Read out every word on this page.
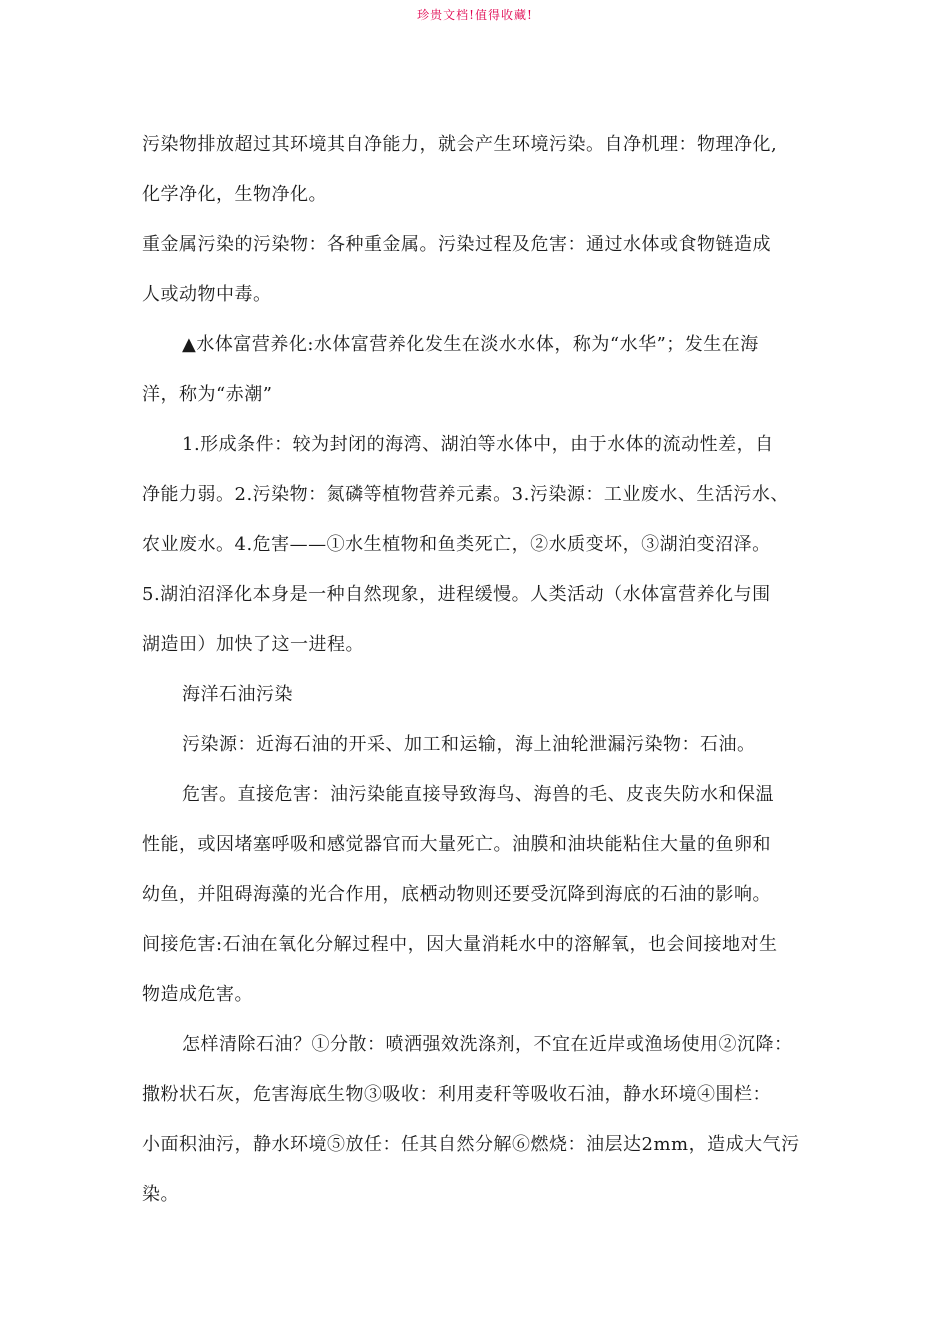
珍贵文档!值得收藏!
污染物排放超过其环境其自净能力，就会产生环境污染。自净机理：物理净化,
化学净化，生物净化。
重金属污染的污染物：各种重金属。污染过程及危害：通过水体或食物链造成
人或动物中毒。
▲水体富营养化:水体富营养化发生在淡水水体，称为“水华”；发生在海
洋，称为“赤潮”
1.形成条件：较为封闭的海湾、湖泊等水体中，由于水体的流动性差，自
净能力弱。2.污染物：氮磷等植物营养元素。3.污染源：工业废水、生活污水、
农业废水。4.危害——①水生植物和鱼类死亡，②水质变坏，③湖泊变沼泽。
5.湖泊沼泽化本身是一种自然现象，进程缓慢。人类活动（水体富营养化与围
湖造田）加快了这一进程。
海洋石油污染
污染源：近海石油的开采、加工和运输，海上油轮泄漏污染物：石油。
危害。直接危害：油污染能直接导致海鸟、海兽的毛、皮丧失防水和保温
性能，或因堵塞呼吸和感觉器官而大量死亡。油膜和油块能粘住大量的鱼卵和
幼鱼，并阻碍海藻的光合作用，底栖动物则还要受沉降到海底的石油的影响。
间接危害:石油在氧化分解过程中，因大量消耗水中的溶解氧，也会间接地对生
物造成危害。
怎样清除石油？①分散：喷洒强效洗涤剂，不宜在近岸或渔场使用②沉降：
撒粉状石灰，危害海底生物③吸收：利用麦秆等吸收石油，静水环境④围栏：
小面积油污，静水环境⑤放任：任其自然分解⑥燃烧：油层达2mm，造成大气污
染。
